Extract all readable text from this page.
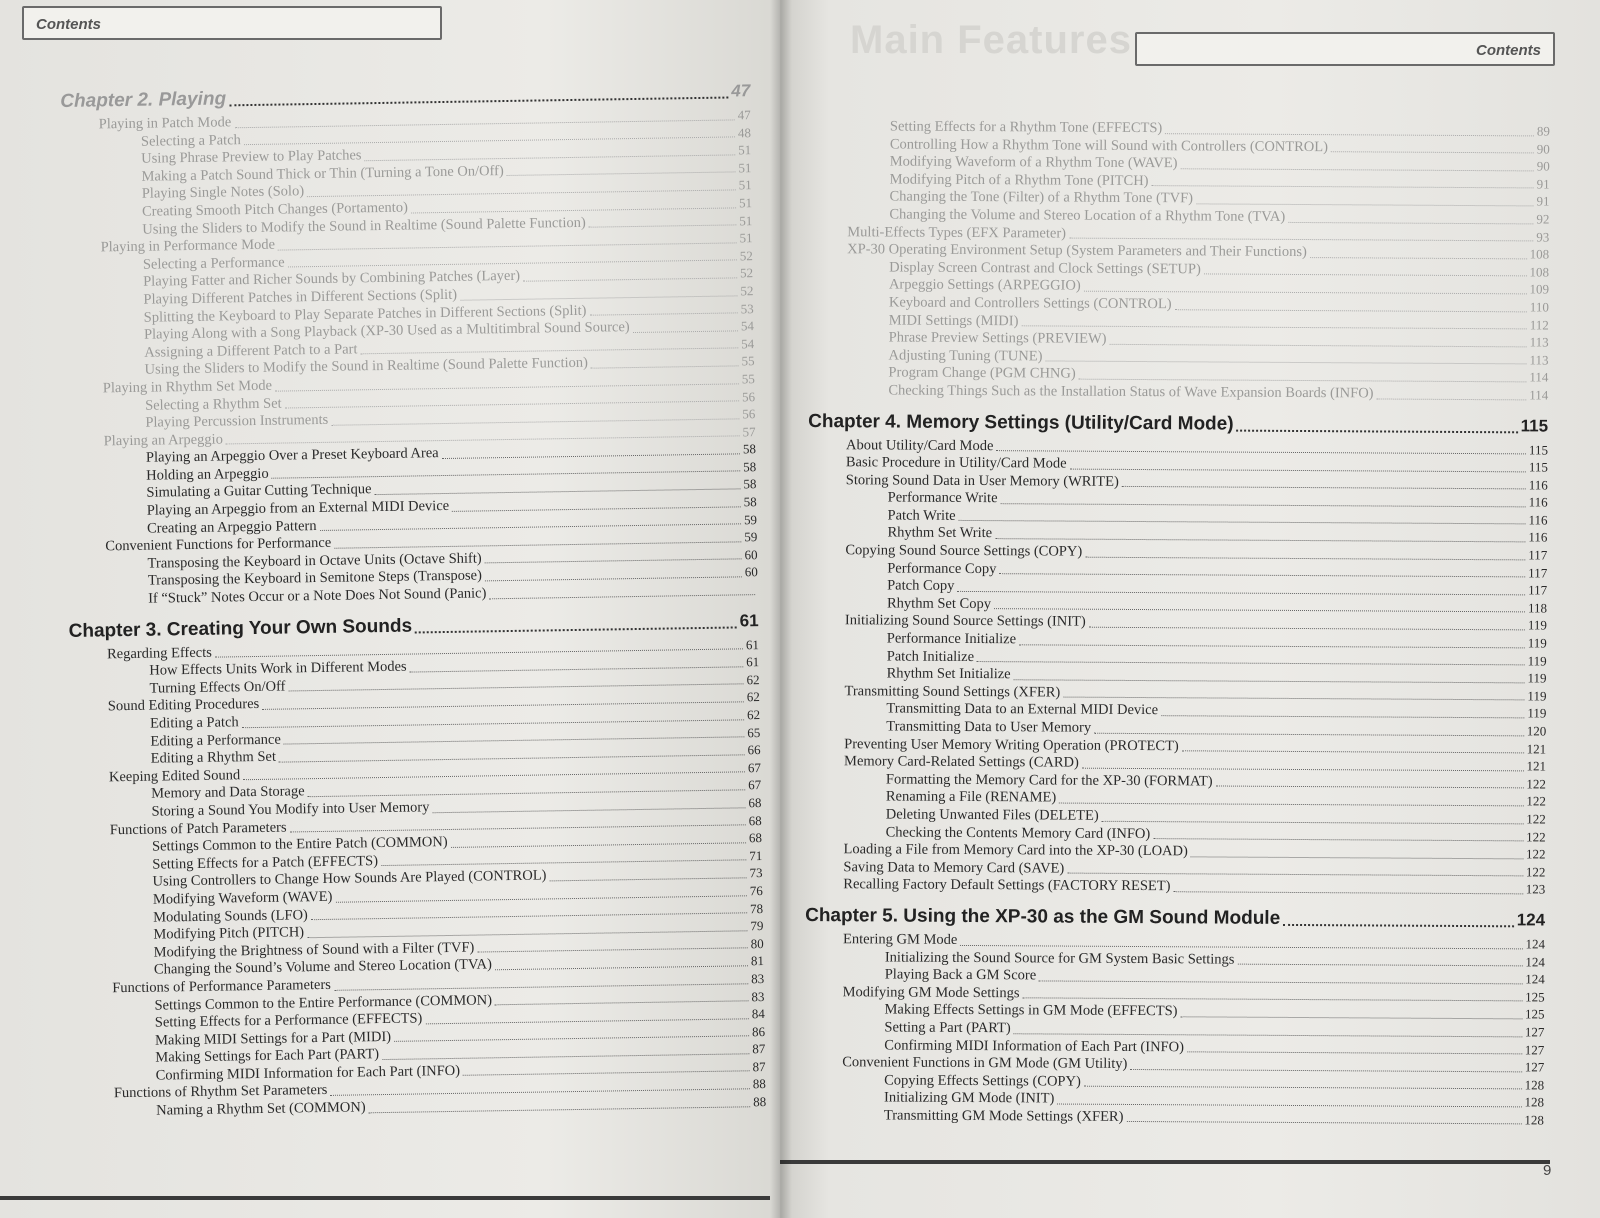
Contents
Chapter 2. Playing	47
Playing in Patch Mode	47
Selecting a Patch	48
Using Phrase Preview to Play Patches	51
Making a Patch Sound Thick or Thin (Turning a Tone On/Off)	51
Playing Single Notes (Solo)	51
Creating Smooth Pitch Changes (Portamento)	51
Using the Sliders to Modify the Sound in Realtime (Sound Palette Function)	51
Playing in Performance Mode	51
Selecting a Performance	52
Playing Fatter and Richer Sounds by Combining Patches (Layer)	52
Playing Different Patches in Different Sections (Split)	52
Splitting the Keyboard to Play Separate Patches in Different Sections (Split)	53
Playing Along with a Song Playback (XP-30 Used as a Multitimbral Sound Source)	54
Assigning a Different Patch to a Part	54
Using the Sliders to Modify the Sound in Realtime (Sound Palette Function)	55
Playing in Rhythm Set Mode	55
Selecting a Rhythm Set	56
Playing Percussion Instruments	56
Playing an Arpeggio	57
Playing an Arpeggio Over a Preset Keyboard Area	58
Holding an Arpeggio	58
Simulating a Guitar Cutting Technique	58
Playing an Arpeggio from an External MIDI Device	58
Creating an Arpeggio Pattern	59
Convenient Functions for Performance	59
Transposing the Keyboard in Octave Units (Octave Shift)	60
Transposing the Keyboard in Semitone Steps (Transpose)	60
If “Stuck” Notes Occur or a Note Does Not Sound (Panic)
Chapter 3. Creating Your Own Sounds	61
Regarding Effects	61
How Effects Units Work in Different Modes	61
Turning Effects On/Off	62
Sound Editing Procedures	62
Editing a Patch	62
Editing a Performance	65
Editing a Rhythm Set	66
Keeping Edited Sound	67
Memory and Data Storage	67
Storing a Sound You Modify into User Memory	68
Functions of Patch Parameters	68
Settings Common to the Entire Patch (COMMON)	68
Setting Effects for a Patch (EFFECTS)	71
Using Controllers to Change How Sounds Are Played (CONTROL)	73
Modifying Waveform (WAVE)	76
Modulating Sounds (LFO)	78
Modifying Pitch (PITCH)	79
Modifying the Brightness of Sound with a Filter (TVF)	80
Changing the Sound’s Volume and Stereo Location (TVA)	81
Functions of Performance Parameters	83
Settings Common to the Entire Performance (COMMON)	83
Setting Effects for a Performance (EFFECTS)	84
Making MIDI Settings for a Part (MIDI)	86
Making Settings for Each Part (PART)	87
Confirming MIDI Information for Each Part (INFO)	87
Functions of Rhythm Set Parameters	88
Naming a Rhythm Set (COMMON)	88
Main Features	Contents
Setting Effects for a Rhythm Tone (EFFECTS)	89
Controlling How a Rhythm Tone will Sound with Controllers (CONTROL)	90
Modifying Waveform of a Rhythm Tone (WAVE)	90
Modifying Pitch of a Rhythm Tone (PITCH)	91
Changing the Tone (Filter) of a Rhythm Tone (TVF)	91
Changing the Volume and Stereo Location of a Rhythm Tone (TVA)	92
Multi-Effects Types (EFX Parameter)	93
XP-30 Operating Environment Setup (System Parameters and Their Functions)	108
Display Screen Contrast and Clock Settings (SETUP)	108
Arpeggio Settings (ARPEGGIO)	109
Keyboard and Controllers Settings (CONTROL)	110
MIDI Settings (MIDI)	112
Phrase Preview Settings (PREVIEW)	113
Adjusting Tuning (TUNE)	113
Program Change (PGM CHNG)	114
Checking Things Such as the Installation Status of Wave Expansion Boards (INFO)	114
Chapter 4. Memory Settings (Utility/Card Mode)	115
About Utility/Card Mode	115
Basic Procedure in Utility/Card Mode	115
Storing Sound Data in User Memory (WRITE)	116
Performance Write	116
Patch Write	116
Rhythm Set Write	116
Copying Sound Source Settings (COPY)	117
Performance Copy	117
Patch Copy	117
Rhythm Set Copy	118
Initializing Sound Source Settings (INIT)	119
Performance Initialize	119
Patch Initialize	119
Rhythm Set Initialize	119
Transmitting Sound Settings (XFER)	119
Transmitting Data to an External MIDI Device	119
Transmitting Data to User Memory	120
Preventing User Memory Writing Operation (PROTECT)	121
Memory Card-Related Settings (CARD)	121
Formatting the Memory Card for the XP-30 (FORMAT)	122
Renaming a File (RENAME)	122
Deleting Unwanted Files (DELETE)	122
Checking the Contents Memory Card (INFO)	122
Loading a File from Memory Card into the XP-30 (LOAD)	122
Saving Data to Memory Card (SAVE)	122
Recalling Factory Default Settings (FACTORY RESET)	123
Chapter 5. Using the XP-30 as the GM Sound Module	124
Entering GM Mode	124
Initializing the Sound Source for GM System Basic Settings	124
Playing Back a GM Score	124
Modifying GM Mode Settings	125
Making Effects Settings in GM Mode (EFFECTS)	125
Setting a Part (PART)	127
Confirming MIDI Information of Each Part (INFO)	127
Convenient Functions in GM Mode (GM Utility)	127
Copying Effects Settings (COPY)	128
Initializing GM Mode (INIT)	128
Transmitting GM Mode Settings (XFER)	128
9
